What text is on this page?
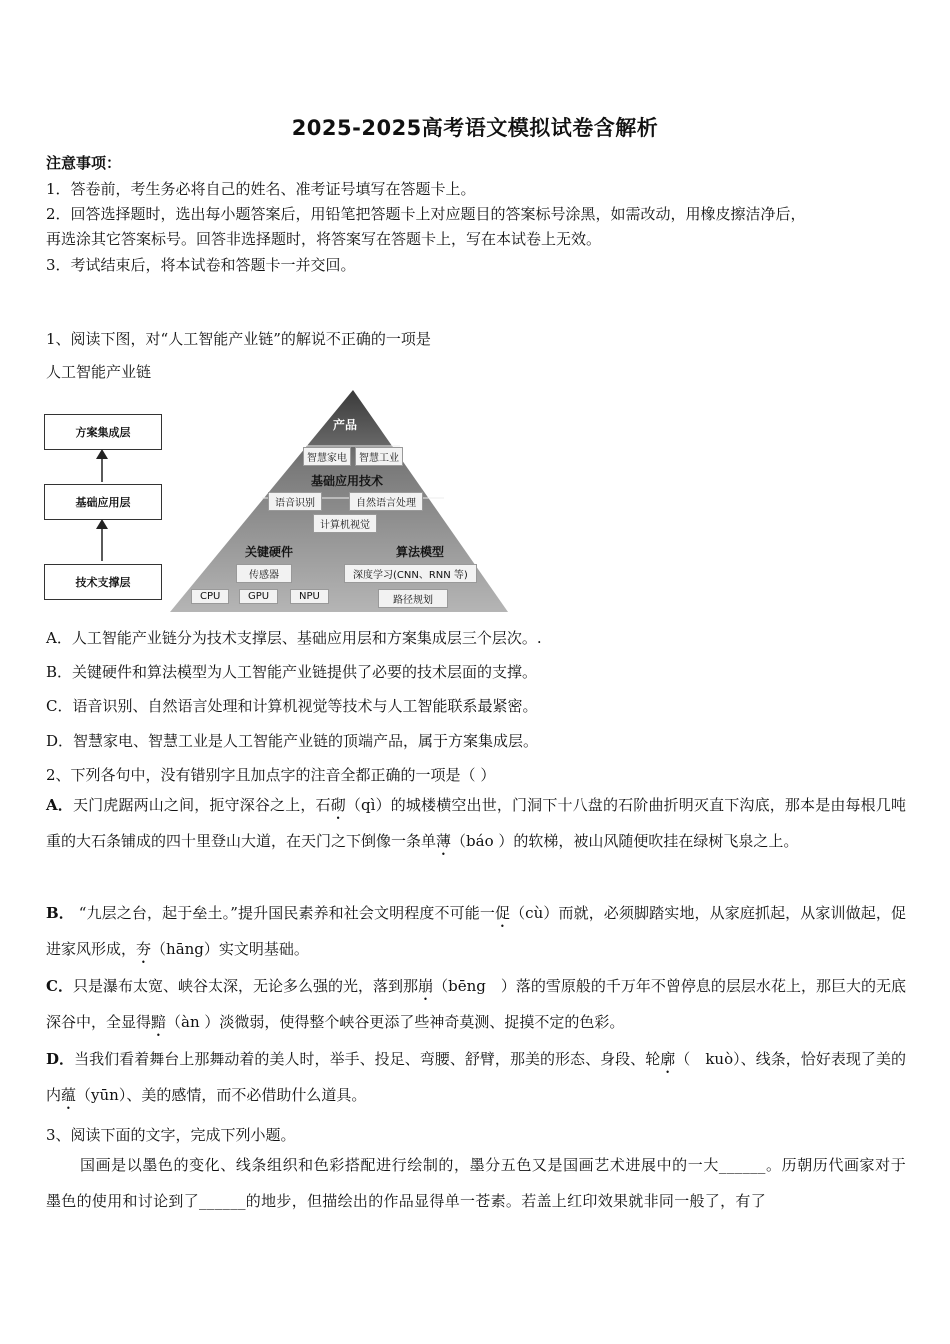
2025-2025高考语文模拟试卷含解析
注意事项：
1．答卷前，考生务必将自己的姓名、准考证号填写在答题卡上。
2．回答选择题时，选出每小题答案后，用铅笔把答题卡上对应题目的答案标号涂黑，如需改动，用橡皮擦洁净后，
再选涂其它答案标号。回答非选择题时，将答案写在答题卡上，写在本试卷上无效。
3．考试结束后，将本试卷和答题卡一并交回。
1、阅读下图，对“人工智能产业链”的解说不正确的一项是
人工智能产业链
方案集成层
基础应用层
技术支撑层
产品
智慧家电	智慧工业
基础应用技术
语音识别	自然语言处理
计算机视觉
关键硬件	算法模型
传感器	深度学习(CNN、RNN 等)
CPU	GPU	NPU	路径规划
A．人工智能产业链分为技术支撑层、基础应用层和方案集成层三个层次。.
B．关键硬件和算法模型为人工智能产业链提供了必要的技术层面的支撑。
C．语音识别、自然语言处理和计算机视觉等技术与人工智能联系最紧密。
D．智慧家电、智慧工业是人工智能产业链的顶端产品，属于方案集成层。
2、下列各句中，没有错别字且加点字的注音全都正确的一项是（ ）
A．天门虎踞两山之间，扼守深谷之上，石砌（qì）的城楼横空出世，门洞下十八盘的石阶曲折明灭直下沟底，那本是由每根几吨重的大石条铺成的四十里登山大道，在天门之下倒像一条单薄（báo ）的软梯，被山风随便吹挂在绿树飞泉之上。
B． “九层之台，起于垒土。”提升国民素养和社会文明程度不可能一促（cù）而就，必须脚踏实地，从家庭抓起，从家训做起，促进家风形成，夯（hāng）实文明基础。
C．只是瀑布太宽、峡谷太深，无论多么强的光，落到那崩（bēng　）落的雪原般的千万年不曾停息的层层水花上，那巨大的无底深谷中，全显得黯（àn ）淡微弱，使得整个峡谷更添了些神奇莫测、捉摸不定的色彩。
D．当我们看着舞台上那舞动着的美人时，举手、投足、弯腰、舒臂，那美的形态、身段、轮廓（　kuò）、线条，恰好表现了美的内蕴（yūn）、美的感情，而不必借助什么道具。
3、阅读下面的文字，完成下列小题。
国画是以墨色的变化、线条组织和色彩搭配进行绘制的，墨分五色又是国画艺术进展中的一大______。历朝历代画家对于墨色的使用和讨论到了______的地步，但描绘出的作品显得单一苍素。若盖上红印效果就非同一般了，有了
